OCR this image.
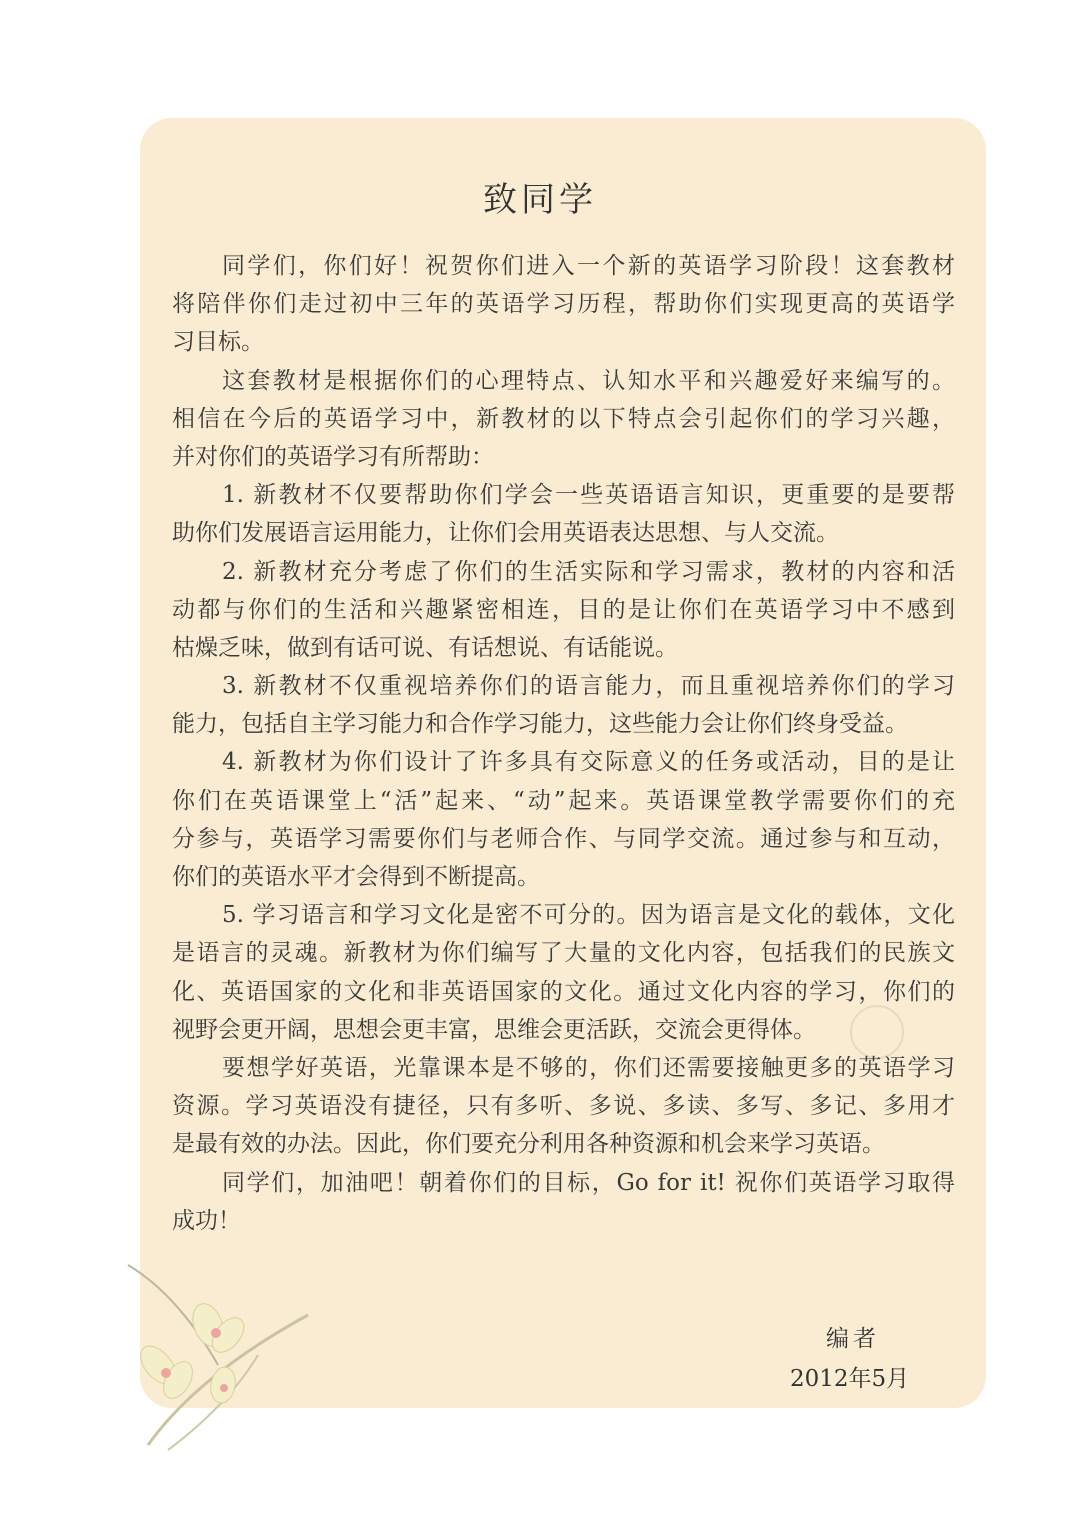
致同学
同学们，你们好！祝贺你们进入一个新的英语学习阶段！这套教材
将陪伴你们走过初中三年的英语学习历程，帮助你们实现更高的英语学
习目标。
这套教材是根据你们的心理特点、认知水平和兴趣爱好来编写的。
相信在今后的英语学习中，新教材的以下特点会引起你们的学习兴趣，
并对你们的英语学习有所帮助：
1. 新教材不仅要帮助你们学会一些英语语言知识，更重要的是要帮
助你们发展语言运用能力，让你们会用英语表达思想、与人交流。
2. 新教材充分考虑了你们的生活实际和学习需求，教材的内容和活
动都与你们的生活和兴趣紧密相连，目的是让你们在英语学习中不感到
枯燥乏味，做到有话可说、有话想说、有话能说。
3. 新教材不仅重视培养你们的语言能力，而且重视培养你们的学习
能力，包括自主学习能力和合作学习能力，这些能力会让你们终身受益。
4. 新教材为你们设计了许多具有交际意义的任务或活动，目的是让
你们在英语课堂上“活”起来、“动”起来。英语课堂教学需要你们的充
分参与，英语学习需要你们与老师合作、与同学交流。通过参与和互动，
你们的英语水平才会得到不断提高。
5. 学习语言和学习文化是密不可分的。因为语言是文化的载体，文化
是语言的灵魂。新教材为你们编写了大量的文化内容，包括我们的民族文
化、英语国家的文化和非英语国家的文化。通过文化内容的学习，你们的
视野会更开阔，思想会更丰富，思维会更活跃，交流会更得体。
要想学好英语，光靠课本是不够的，你们还需要接触更多的英语学习
资源。学习英语没有捷径，只有多听、多说、多读、多写、多记、多用才
是最有效的办法。因此，你们要充分利用各种资源和机会来学习英语。
同学们，加油吧！朝着你们的目标，Go for it! 祝你们英语学习取得
成功！
编者
2012年5月
